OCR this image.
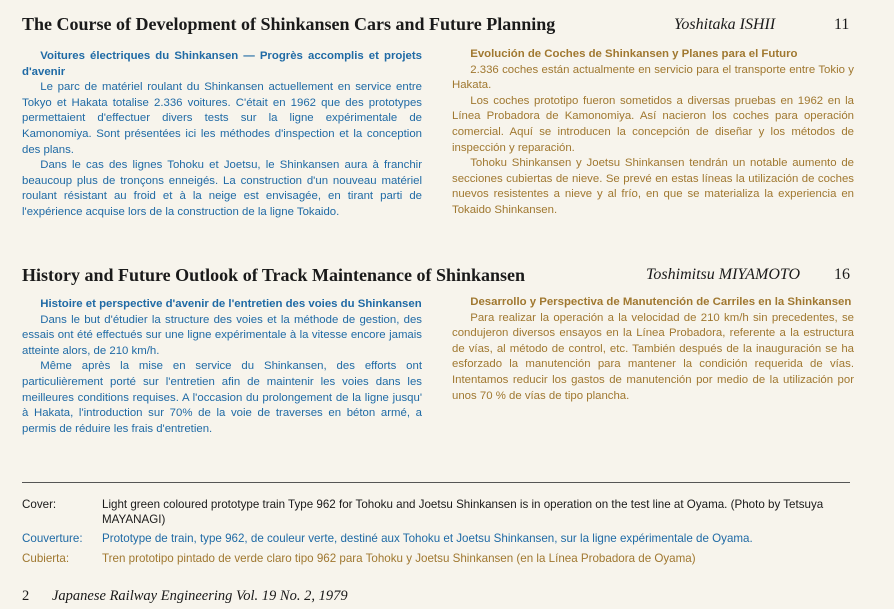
The Course of Development of Shinkansen Cars and Future Planning	Yoshitaka ISHII	11

Voitures électriques du Shinkansen — Progrès accomplis et projets d'avenir

Le parc de matériel roulant du Shinkansen actuellement en service entre Tokyo et Hakata totalise 2.336 voitures. C'était en 1962 que des prototypes permettaient d'effectuer divers tests sur la ligne expérimentale de Kamonomiya. Sont présentées ici les méthodes d'inspection et la conception des plans.

Dans le cas des lignes Tohoku et Joetsu, le Shinkansen aura à franchir beaucoup plus de tronçons enneigés. La construction d'un nouveau matériel roulant résistant au froid et à la neige est envisagée, en tirant parti de l'expérience acquise lors de la construction de la ligne Tokaido.

Evolución de Coches de Shinkansen y Planes para el Futuro

2.336 coches están actualmente en servicio para el transporte entre Tokio y Hakata.

Los coches prototipo fueron sometidos a diversas pruebas en 1962 en la Línea Probadora de Kamonomiya. Así nacieron los coches para operación comercial. Aquí se introducen la concepción de diseñar y los métodos de inspección y reparación.

Tohoku Shinkansen y Joetsu Shinkansen tendrán un notable aumento de secciones cubiertas de nieve. Se prevé en estas líneas la utilización de coches nuevos resistentes a nieve y al frío, en que se materializa la experiencia en Tokaido Shinkansen.

History and Future Outlook of Track Maintenance of Shinkansen	Toshimitsu MIYAMOTO 16

Histoire et perspective d'avenir de l'entretien des voies du Shinkansen

Dans le but d'étudier la structure des voies et la méthode de gestion, des essais ont été effectués sur une ligne expérimentale à la vitesse encore jamais atteinte alors, de 210 km/h.

Même après la mise en service du Shinkansen, des efforts ont particulièrement porté sur l'entretien afin de maintenir les voies dans les meilleures conditions requises. A l'occasion du prolongement de la ligne jusqu' à Hakata, l'introduction sur 70% de la voie de traverses en béton armé, a permis de réduire les frais d'entretien.

Desarrollo y Perspectiva de Manutención de Carriles en la Shinkansen

Para realizar la operación a la velocidad de 210 km/h sin precedentes, se condujeron diversos ensayos en la Línea Probadora, referente a la estructura de vías, al método de control, etc. También después de la inauguración se ha esforzado la manutención para mantener la condición requerida de vías. Intentamos reducir los gastos de manutención por medio de la utilización por unos 70 % de vías de tipo plancha.

Cover:	Light green coloured prototype train Type 962 for Tohoku and Joetsu Shinkansen is in operation on the test line at Oyama. (Photo by Tetsuya MAYANAGI)
Couverture:	Prototype de train, type 962, de couleur verte, destiné aux Tohoku et Joetsu Shinkansen, sur la ligne expérimentale de Oyama.
Cubierta:	Tren prototipo pintado de verde claro tipo 962 para Tohoku y Joetsu Shinkansen (en la Línea Probadora de Oyama)
2 Japanese Railway Engineering Vol. 19 No. 2, 1979
